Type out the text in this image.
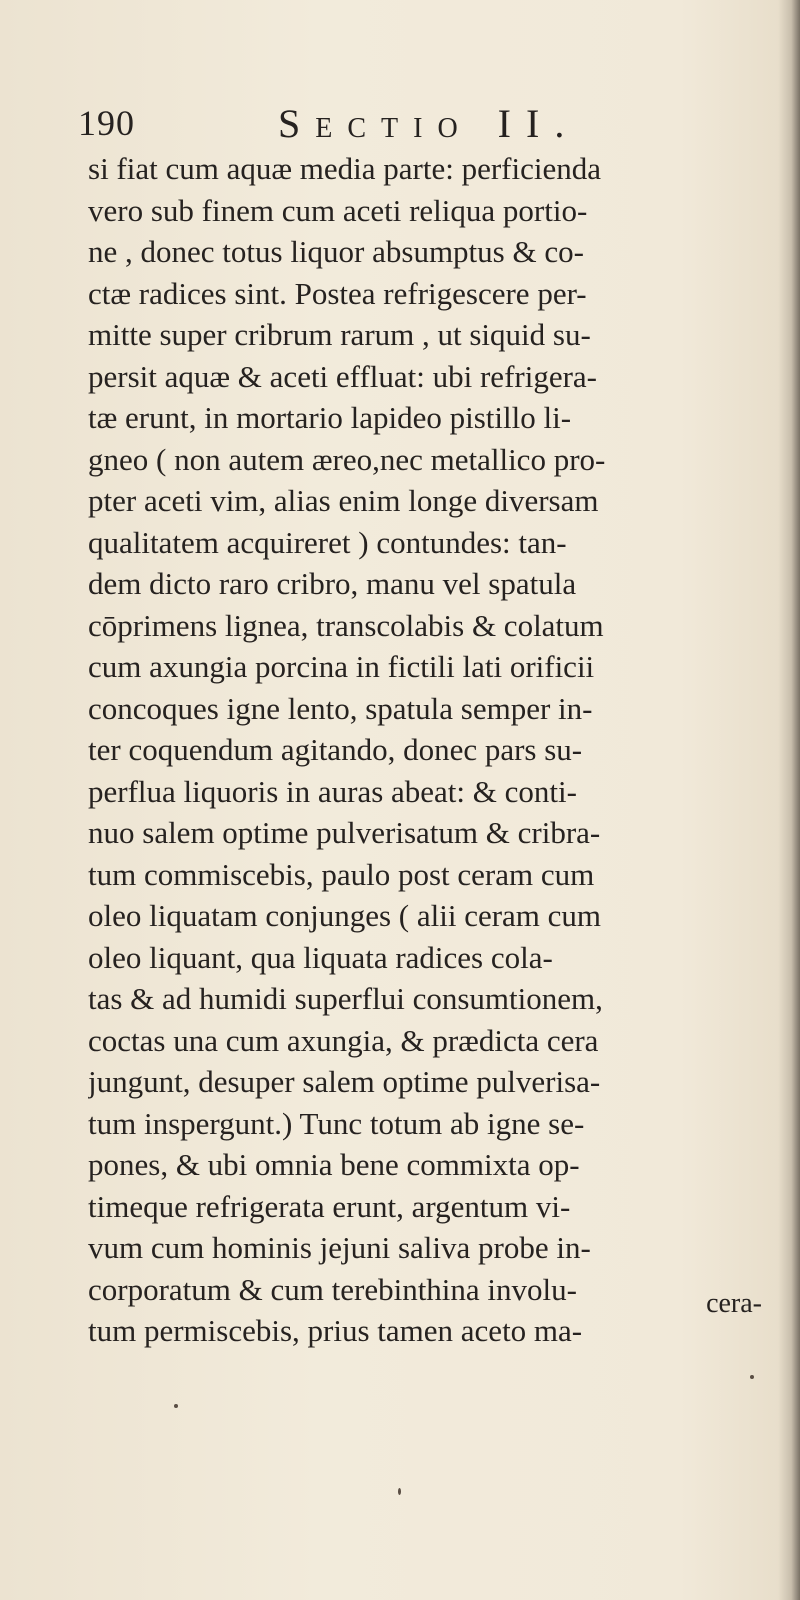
190	Sectio II.
si fiat cum aquæ media parte: perficienda
vero sub finem cum aceti reliqua portio-
ne , donec totus liquor absumptus & co-
ctæ radices sint. Postea refrigescere per-
mitte super cribrum rarum , ut siquid su-
persit aquæ & aceti effluat: ubi refrigera-
tæ erunt, in mortario lapideo pistillo li-
gneo ( non autem æreo,nec metallico pro-
pter aceti vim, alias enim longe diversam
qualitatem acquireret ) contundes: tan-
dem dicto raro cribro, manu vel spatula
cōprimens lignea, transcolabis & colatum
cum axungia porcina in fictili lati orificii
concoques igne lento, spatula semper in-
ter coquendum agitando, donec pars su-
perflua liquoris in auras abeat: & conti-
nuo salem optime pulverisatum & cribra-
tum commiscebis, paulo post ceram cum
oleo liquatam conjunges ( alii ceram cum
oleo liquant, qua liquata radices cola-
tas & ad humidi superflui consumtionem,
coctas una cum axungia, & prædicta cera
jungunt, desuper salem optime pulverisa-
tum inspergunt.) Tunc totum ab igne se-
pones, & ubi omnia bene commixta op-
timeque refrigerata erunt, argentum vi-
vum cum hominis jejuni saliva probe in-
corporatum & cum terebinthina involu-
tum permiscebis, prius tamen aceto ma-
cera-
